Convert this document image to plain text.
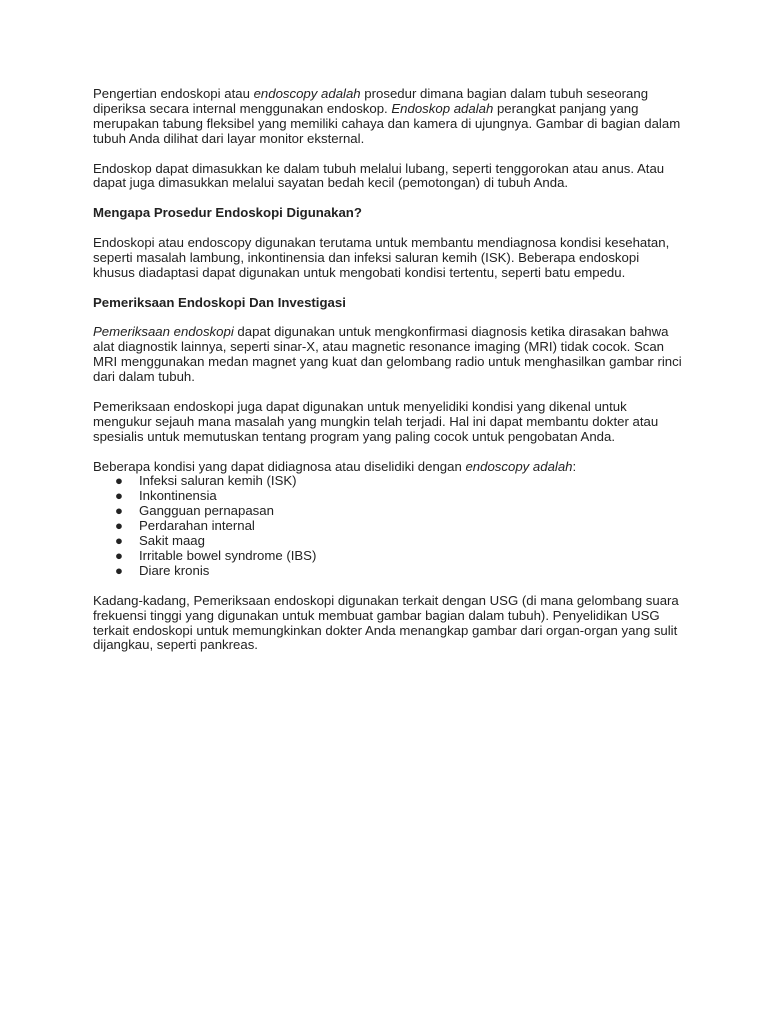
Pengertian endoskopi atau endoscopy adalah prosedur dimana bagian dalam tubuh seseorang diperiksa secara internal menggunakan endoskop. Endoskop adalah perangkat panjang yang merupakan tabung fleksibel yang memiliki cahaya dan kamera di ujungnya. Gambar di bagian dalam tubuh Anda dilihat dari layar monitor eksternal.

Endoskop dapat dimasukkan ke dalam tubuh melalui lubang, seperti tenggorokan atau anus. Atau dapat juga dimasukkan melalui sayatan bedah kecil (pemotongan) di tubuh Anda.

Mengapa Prosedur Endoskopi Digunakan?

Endoskopi atau endoscopy digunakan terutama untuk membantu mendiagnosa kondisi kesehatan, seperti masalah lambung, inkontinensia dan infeksi saluran kemih (ISK). Beberapa endoskopi khusus diadaptasi dapat digunakan untuk mengobati kondisi tertentu, seperti batu empedu.

Pemeriksaan Endoskopi Dan Investigasi

Pemeriksaan endoskopi dapat digunakan untuk mengkonfirmasi diagnosis ketika dirasakan bahwa alat diagnostik lainnya, seperti sinar-X, atau magnetic resonance imaging (MRI) tidak cocok. Scan MRI menggunakan medan magnet yang kuat dan gelombang radio untuk menghasilkan gambar rinci dari dalam tubuh.

Pemeriksaan endoskopi juga dapat digunakan untuk menyelidiki kondisi yang dikenal untuk mengukur sejauh mana masalah yang mungkin telah terjadi. Hal ini dapat membantu dokter atau spesialis untuk memutuskan tentang program yang paling cocok untuk pengobatan Anda.

Beberapa kondisi yang dapat didiagnosa atau diselidiki dengan endoscopy adalah:

● Infeksi saluran kemih (ISK)
● Inkontinensia
● Gangguan pernapasan
● Perdarahan internal
● Sakit maag
● Irritable bowel syndrome (IBS)
● Diare kronis

Kadang-kadang, Pemeriksaan endoskopi digunakan terkait dengan USG (di mana gelombang suara frekuensi tinggi yang digunakan untuk membuat gambar bagian dalam tubuh). Penyelidikan USG terkait endoskopi untuk memungkinkan dokter Anda menangkap gambar dari organ-organ yang sulit dijangkau, seperti pankreas.
